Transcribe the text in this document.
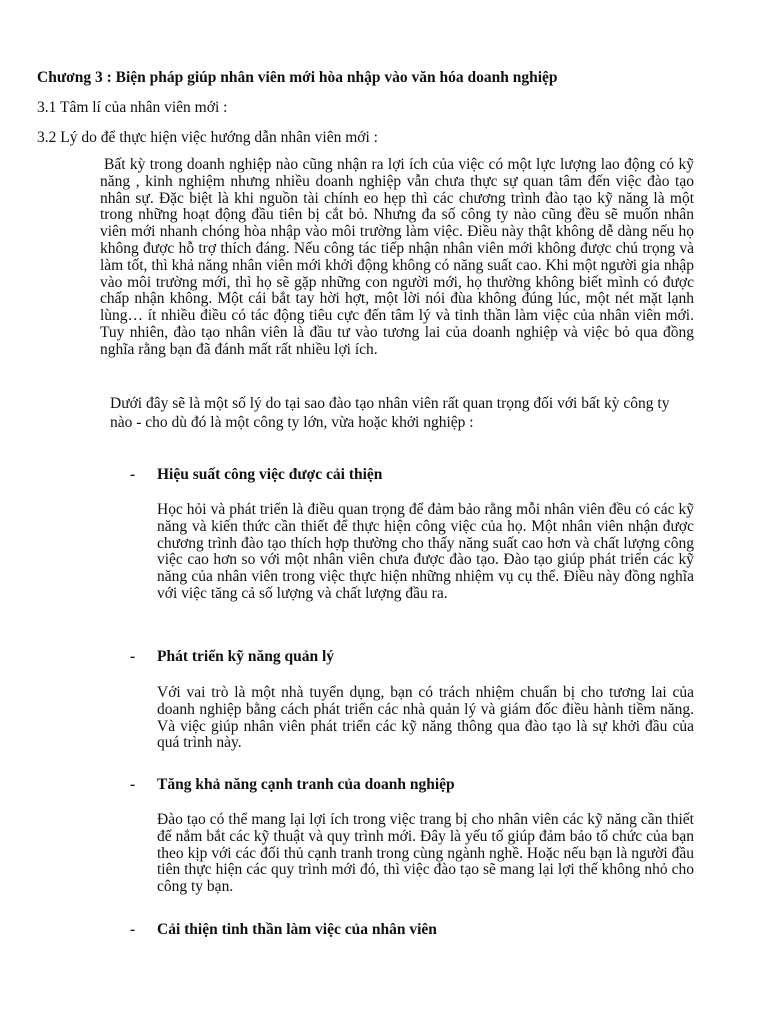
Chương 3 : Biện pháp giúp nhân viên mới hòa nhập vào văn hóa doanh nghiệp

3.1 Tâm lí của nhân viên mới :

3.2 Lý do để thực hiện việc hướng dẫn nhân viên mới :

Bất kỳ trong doanh nghiệp nào cũng nhận ra lợi ích của việc có một lực lượng lao động có kỹ năng , kinh nghiệm nhưng nhiều doanh nghiệp vẫn chưa thực sự quan tâm đến việc đào tạo nhân sự. Đặc biệt là khi nguồn tài chính eo hẹp thì các chương trình đào tạo kỹ năng là một trong những hoạt động đầu tiên bị cắt bỏ. Nhưng đa số công ty nào cũng đều sẽ muốn nhân viên mới nhanh chóng hòa nhập vào môi trường làm việc. Điều này thật không dễ dàng nếu họ không được hỗ trợ thích đáng. Nếu công tác tiếp nhận nhân viên mới không được chú trọng và làm tốt, thì khả năng nhân viên mới khởi động không có năng suất cao. Khi một người gia nhập vào môi trường mới, thì họ sẽ gặp những con người mới, họ thường không biết mình có được chấp nhận không. Một cái bắt tay hời hợt, một lời nói đùa không đúng lúc, một nét mặt lạnh lùng… ít nhiều điều có tác động tiêu cực đến tâm lý và tinh thần làm việc của nhân viên mới. Tuy nhiên, đào tạo nhân viên là đầu tư vào tương lai của doanh nghiệp và việc bỏ qua đồng nghĩa rằng bạn đã đánh mất rất nhiều lợi ích.

Dưới đây sẽ là một số lý do tại sao đào tạo nhân viên rất quan trọng đối với bất kỳ công ty nào - cho dù đó là một công ty lớn, vừa hoặc khởi nghiệp :

- Hiệu suất công việc được cải thiện

Học hỏi và phát triển là điều quan trọng để đảm bảo rằng mỗi nhân viên đều có các kỹ năng và kiến thức cần thiết để thực hiện công việc của họ. Một nhân viên nhận được chương trình đào tạo thích hợp thường cho thấy năng suất cao hơn và chất lượng công việc cao hơn so với một nhân viên chưa được đào tạo. Đào tạo giúp phát triển các kỹ năng của nhân viên trong việc thực hiện những nhiệm vụ cụ thể. Điều này đồng nghĩa với việc tăng cả số lượng và chất lượng đầu ra.

- Phát triển kỹ năng quản lý

Với vai trò là một nhà tuyển dụng, bạn có trách nhiệm chuẩn bị cho tương lai của doanh nghiệp bằng cách phát triển các nhà quản lý và giám đốc điều hành tiềm năng. Và việc giúp nhân viên phát triển các kỹ năng thông qua đào tạo là sự khởi đầu của quá trình này.

- Tăng khả năng cạnh tranh của doanh nghiệp

Đào tạo có thể mang lại lợi ích trong việc trang bị cho nhân viên các kỹ năng cần thiết để nắm bắt các kỹ thuật và quy trình mới. Đây là yếu tố giúp đảm bảo tổ chức của bạn theo kịp với các đối thủ cạnh tranh trong cùng ngành nghề. Hoặc nếu bạn là người đầu tiên thực hiện các quy trình mới đó, thì việc đào tạo sẽ mang lại lợi thế không nhỏ cho công ty bạn.

- Cải thiện tinh thần làm việc của nhân viên
